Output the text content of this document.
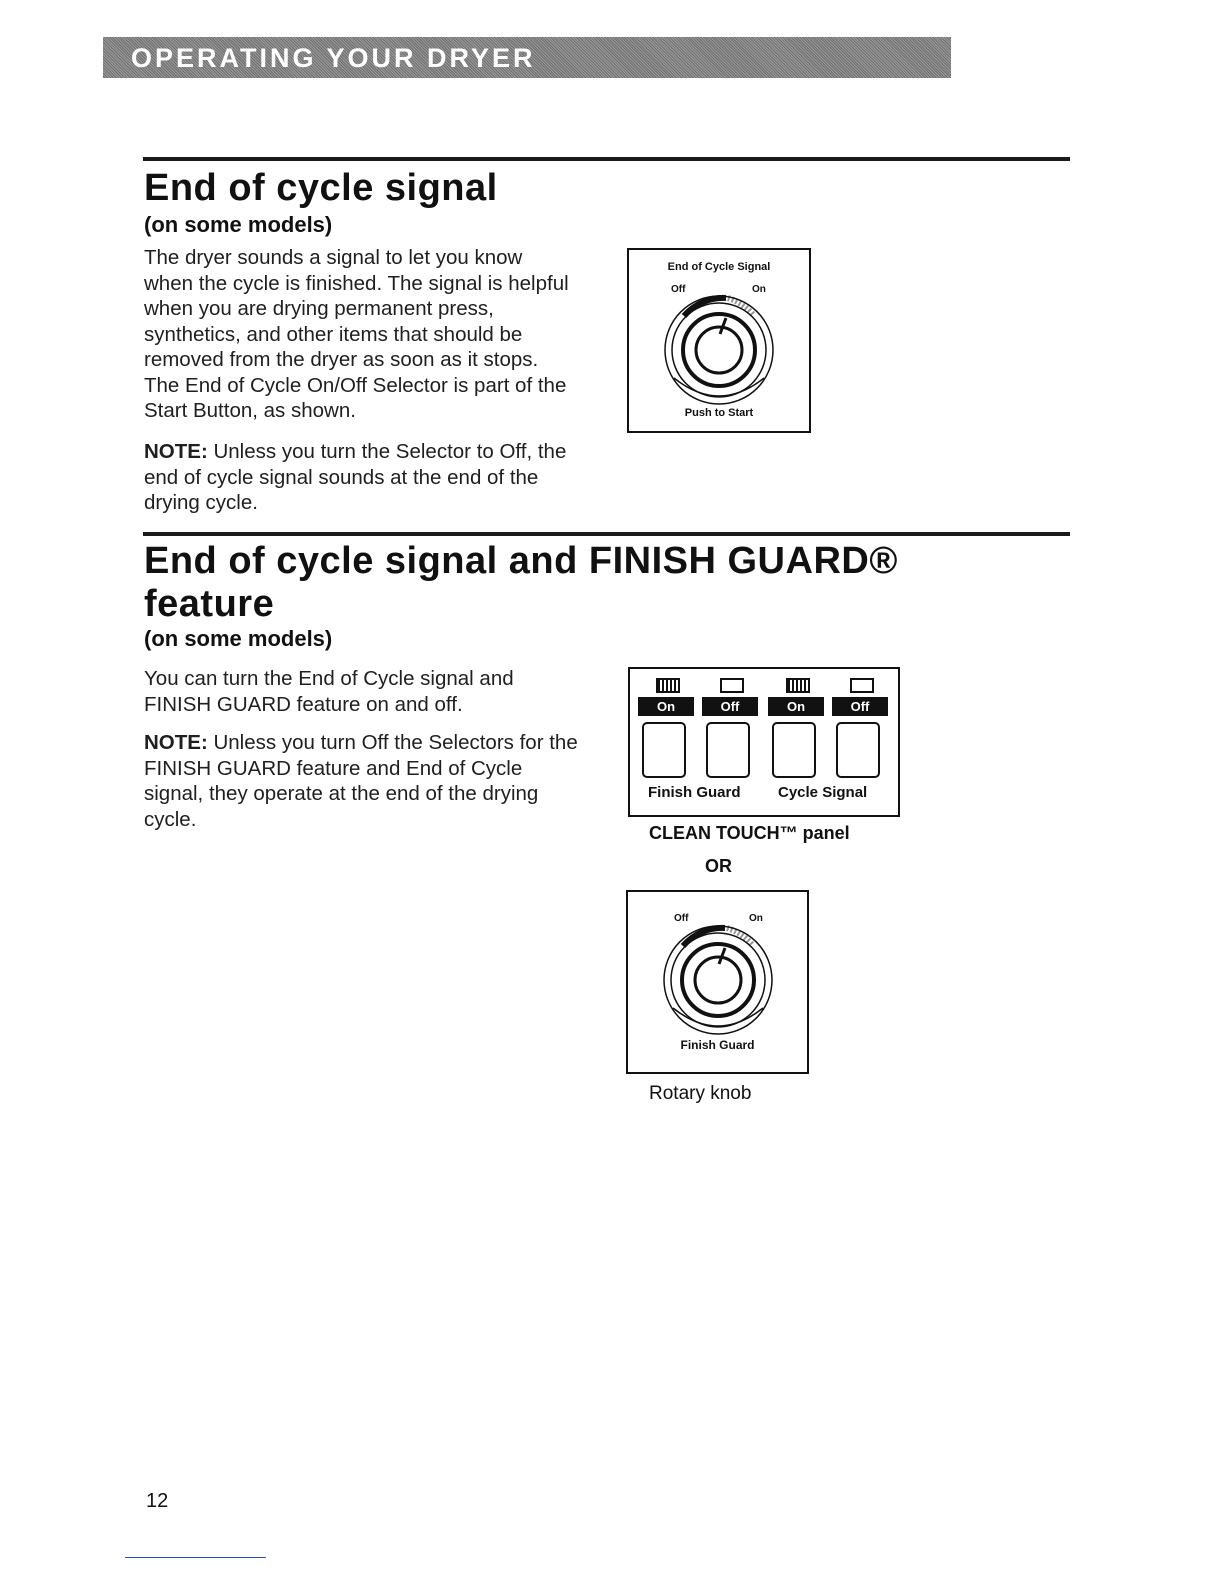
OPERATING YOUR DRYER
End of cycle signal
(on some models)

The dryer sounds a signal to let you know when the cycle is finished. The signal is helpful when you are drying permanent press, synthetics, and other items that should be removed from the dryer as soon as it stops. The End of Cycle On/Off Selector is part of the Start Button, as shown.

NOTE: Unless you turn the Selector to Off, the end of cycle signal sounds at the end of the drying cycle.

End of Cycle Signal
Off	On
Push to Start
End of cycle signal and FINISH GUARD®
feature
(on some models)

You can turn the End of Cycle signal and FINISH GUARD feature on and off.

NOTE: Unless you turn Off the Selectors for the FINISH GUARD feature and End of Cycle signal, they operate at the end of the drying cycle.

On	Off	On	Off
Finish Guard Cycle Signal
CLEAN TOUCH™ panel
OR
Off	On
Finish Guard
Rotary knob
12
